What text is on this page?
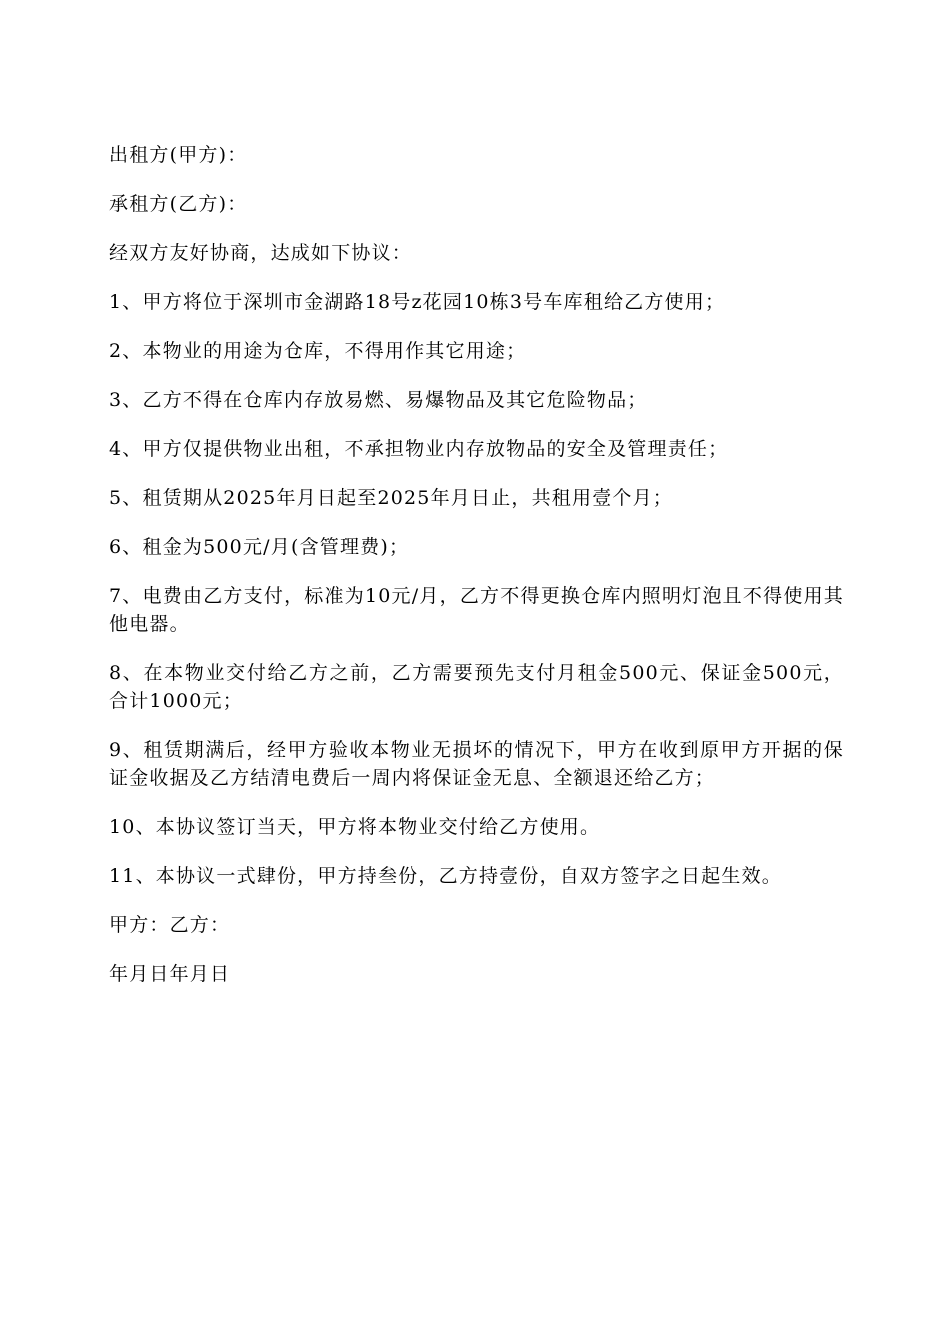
出租方(甲方)：

承租方(乙方)：

经双方友好协商，达成如下协议：

1、甲方将位于深圳市金湖路18号z花园10栋3号车库租给乙方使用；

2、本物业的用途为仓库，不得用作其它用途；

3、乙方不得在仓库内存放易燃、易爆物品及其它危险物品；

4、甲方仅提供物业出租，不承担物业内存放物品的安全及管理责任；

5、租赁期从2025年月日起至2025年月日止，共租用壹个月；

6、租金为500元/月(含管理费)；

7、电费由乙方支付，标准为10元/月，乙方不得更换仓库内照明灯泡且不得使用其他电器。

8、在本物业交付给乙方之前，乙方需要预先支付月租金500元、保证金500元，合计1000元；

9、租赁期满后，经甲方验收本物业无损坏的情况下，甲方在收到原甲方开据的保证金收据及乙方结清电费后一周内将保证金无息、全额退还给乙方；

10、本协议签订当天，甲方将本物业交付给乙方使用。

11、本协议一式肆份，甲方持叁份，乙方持壹份，自双方签字之日起生效。

甲方：乙方：

年月日年月日
